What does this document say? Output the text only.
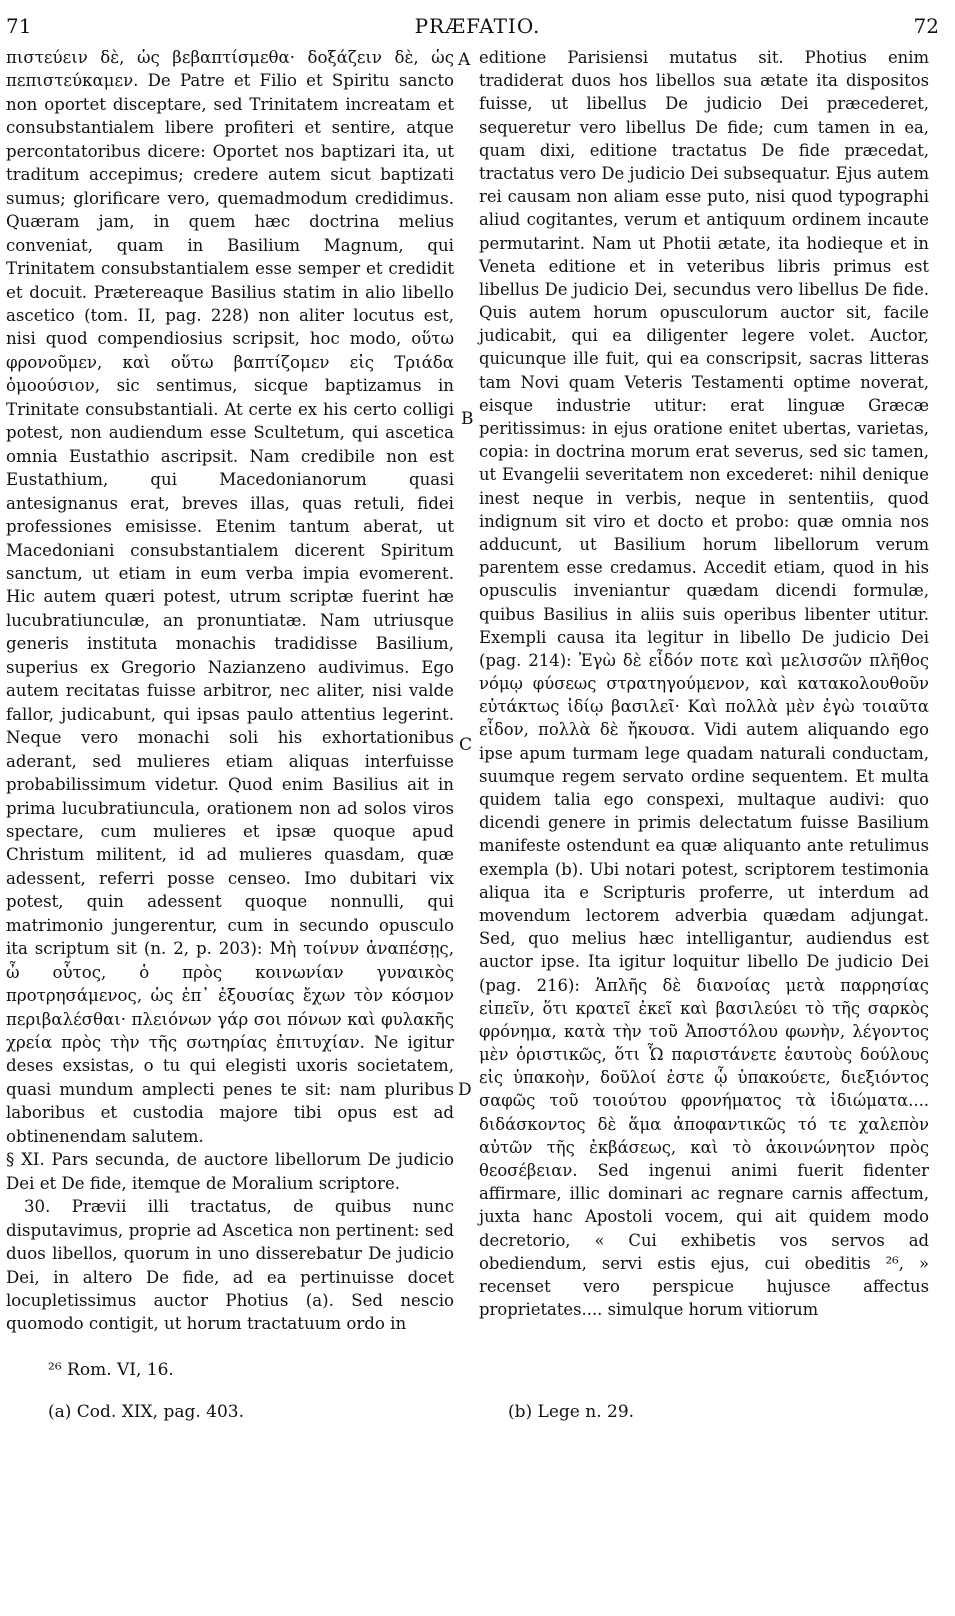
71	PRÆFATIO.	72

πιστεύειν δὲ, ὡς βεβαπτίσμεθα· δοξάζειν δὲ, ὡς πεπιστεύκαμεν. De Patre et Filio et Spiritu sancto non oportet disceptare, sed Trinitatem increatam et consubstantialem libere profiteri et sentire, atque percontatoribus dicere: Oportet nos baptizari ita, ut traditum accepimus; credere autem sicut baptizati sumus; glorificare vero, quemadmodum credidimus. Quæram jam, in quem hæc doctrina melius conveniat, quam in Basilium Magnum, qui Trinitatem consubstantialem esse semper et credidit et docuit. Prætereaque Basilius statim in alio libello ascetico (tom. II, pag. 228) non aliter locutus est, nisi quod compendiosius scripsit, hoc modo, οὕτω φρονοῦμεν, καὶ οὕτω βαπτίζομεν εἰς Τριάδα ὁμοούσιον, sic sentimus, sicque baptizamus in Trinitate consubstantiali. At certe ex his certo colligi potest, non audiendum esse Scultetum, qui ascetica omnia Eustathio ascripsit. Nam credibile non est Eustathium, qui Macedonianorum quasi antesignanus erat, breves illas, quas retuli, fidei professiones emisisse. Etenim tantum aberat, ut Macedoniani consubstantialem dicerent Spiritum sanctum, ut etiam in eum verba impia evomerent. Hic autem quæri potest, utrum scriptæ fuerint hæ lucubratiunculæ, an pronuntiatæ. Nam utriusque generis instituta monachis tradidisse Basilium, superius ex Gregorio Nazianzeno audivimus. Ego autem recitatas fuisse arbitror, nec aliter, nisi valde fallor, judicabunt, qui ipsas paulo attentius legerint. Neque vero monachi soli his exhortationibus aderant, sed mulieres etiam aliquas interfuisse probabilissimum videtur. Quod enim Basilius ait in prima lucubratiuncula, orationem non ad solos viros spectare, cum mulieres et ipsæ quoque apud Christum militent, id ad mulieres quasdam, quæ adessent, referri posse censeo. Imo dubitari vix potest, quin adessent quoque nonnulli, qui matrimonio jungerentur, cum in secundo opusculo ita scriptum sit (n. 2, p. 203): Μὴ τοίνυν ἀναπέσῃς, ὦ οὗτος, ὁ πρὸς κοινωνίαν γυναικὸς προτρησάμενος, ὡς ἐπ᾽ ἐξουσίας ἔχων τὸν κόσμον περιβαλέσθαι· πλειόνων γάρ σοι πόνων καὶ φυλακῆς χρεία πρὸς τὴν τῆς σωτηρίας ἐπιτυχίαν. Ne igitur deses exsistas, o tu qui elegisti uxoris societatem, quasi mundum amplecti penes te sit: nam pluribus laboribus et custodia majore tibi opus est ad obtinenendam salutem.

§ XI. Pars secunda, de auctore libellorum De judicio Dei et De fide, itemque de Moralium scriptore.

30. Prævii illi tractatus, de quibus nunc disputavimus, proprie ad Ascetica non pertinent: sed duos libellos, quorum in uno disserebatur De judicio Dei, in altero De fide, ad ea pertinuisse docet locupletissimus auctor Photius (a). Sed nescio quomodo contigit, ut horum tractatuum ordo in

editione Parisiensi mutatus sit. Photius enim tradiderat duos hos libellos sua ætate ita dispositos fuisse, ut libellus De judicio Dei præcederet, sequeretur vero libellus De fide; cum tamen in ea, quam dixi, editione tractatus De fide præcedat, tractatus vero De judicio Dei subsequatur. Ejus autem rei causam non aliam esse puto, nisi quod typographi aliud cogitantes, verum et antiquum ordinem incaute permutarint. Nam ut Photii ætate, ita hodieque et in Veneta editione et in veteribus libris primus est libellus De judicio Dei, secundus vero libellus De fide. Quis autem horum opusculorum auctor sit, facile judicabit, qui ea diligenter legere volet. Auctor, quicunque ille fuit, qui ea conscripsit, sacras litteras tam Novi quam Veteris Testamenti optime noverat, eisque industrie utitur: erat linguæ Græcæ peritissimus: in ejus oratione enitet ubertas, varietas, copia: in doctrina morum erat severus, sed sic tamen, ut Evangelii severitatem non excederet: nihil denique inest neque in verbis, neque in sententiis, quod indignum sit viro et docto et probo: quæ omnia nos adducunt, ut Basilium horum libellorum verum parentem esse credamus. Accedit etiam, quod in his opusculis inveniantur quædam dicendi formulæ, quibus Basilius in aliis suis operibus libenter utitur. Exempli causa ita legitur in libello De judicio Dei (pag. 214): Ἐγὼ δὲ εἶδόν ποτε καὶ μελισσῶν πλῆθος νόμῳ φύσεως στρατηγούμενον, καὶ κατακολουθοῦν εὐτάκτως ἰδίῳ βασιλεῖ· Καὶ πολλὰ μὲν ἐγὼ τοιαῦτα εἶδον, πολλὰ δὲ ἤκουσα. Vidi autem aliquando ego ipse apum turmam lege quadam naturali conductam, suumque regem servato ordine sequentem. Et multa quidem talia ego conspexi, multaque audivi: quo dicendi genere in primis delectatum fuisse Basilium manifeste ostendunt ea quæ aliquanto ante retulimus exempla (b). Ubi notari potest, scriptorem testimonia aliqua ita e Scripturis proferre, ut interdum ad movendum lectorem adverbia quædam adjungat. Sed, quo melius hæc intelligantur, audiendus est auctor ipse. Ita igitur loquitur libello De judicio Dei (pag. 216): Ἁπλῆς δὲ διανοίας μετὰ παρρησίας εἰπεῖν, ὅτι κρατεῖ ἐκεῖ καὶ βασιλεύει τὸ τῆς σαρκὸς φρόνημα, κατὰ τὴν τοῦ Ἀποστόλου φωνὴν, λέγοντος μὲν ὁριστικῶς, ὅτι Ὧ παριστάνετε ἑαυτοὺς δούλους εἰς ὑπακοὴν, δοῦλοί ἐστε ᾧ ὑπακούετε, διεξιόντος σαφῶς τοῦ τοιούτου φρονήματος τὰ ἰδιώματα.... διδάσκοντος δὲ ἅμα ἀποφαντικῶς τό τε χαλεπὸν αὐτῶν τῆς ἐκβάσεως, καὶ τὸ ἀκοινώνητον πρὸς θεοσέβειαν. Sed ingenui animi fuerit fidenter affirmare, illic dominari ac regnare carnis affectum, juxta hanc Apostoli vocem, qui ait quidem modo decretorio, « Cui exhibetis vos servos ad obediendum, servi estis ejus, cui obeditis ²⁶, » recenset vero perspicue hujusce affectus proprietates.... simulque horum vitiorum

A
B
C
D
²⁶ Rom. VI, 16.
(a) Cod. XIX, pag. 403.	(b) Lege n. 29.
